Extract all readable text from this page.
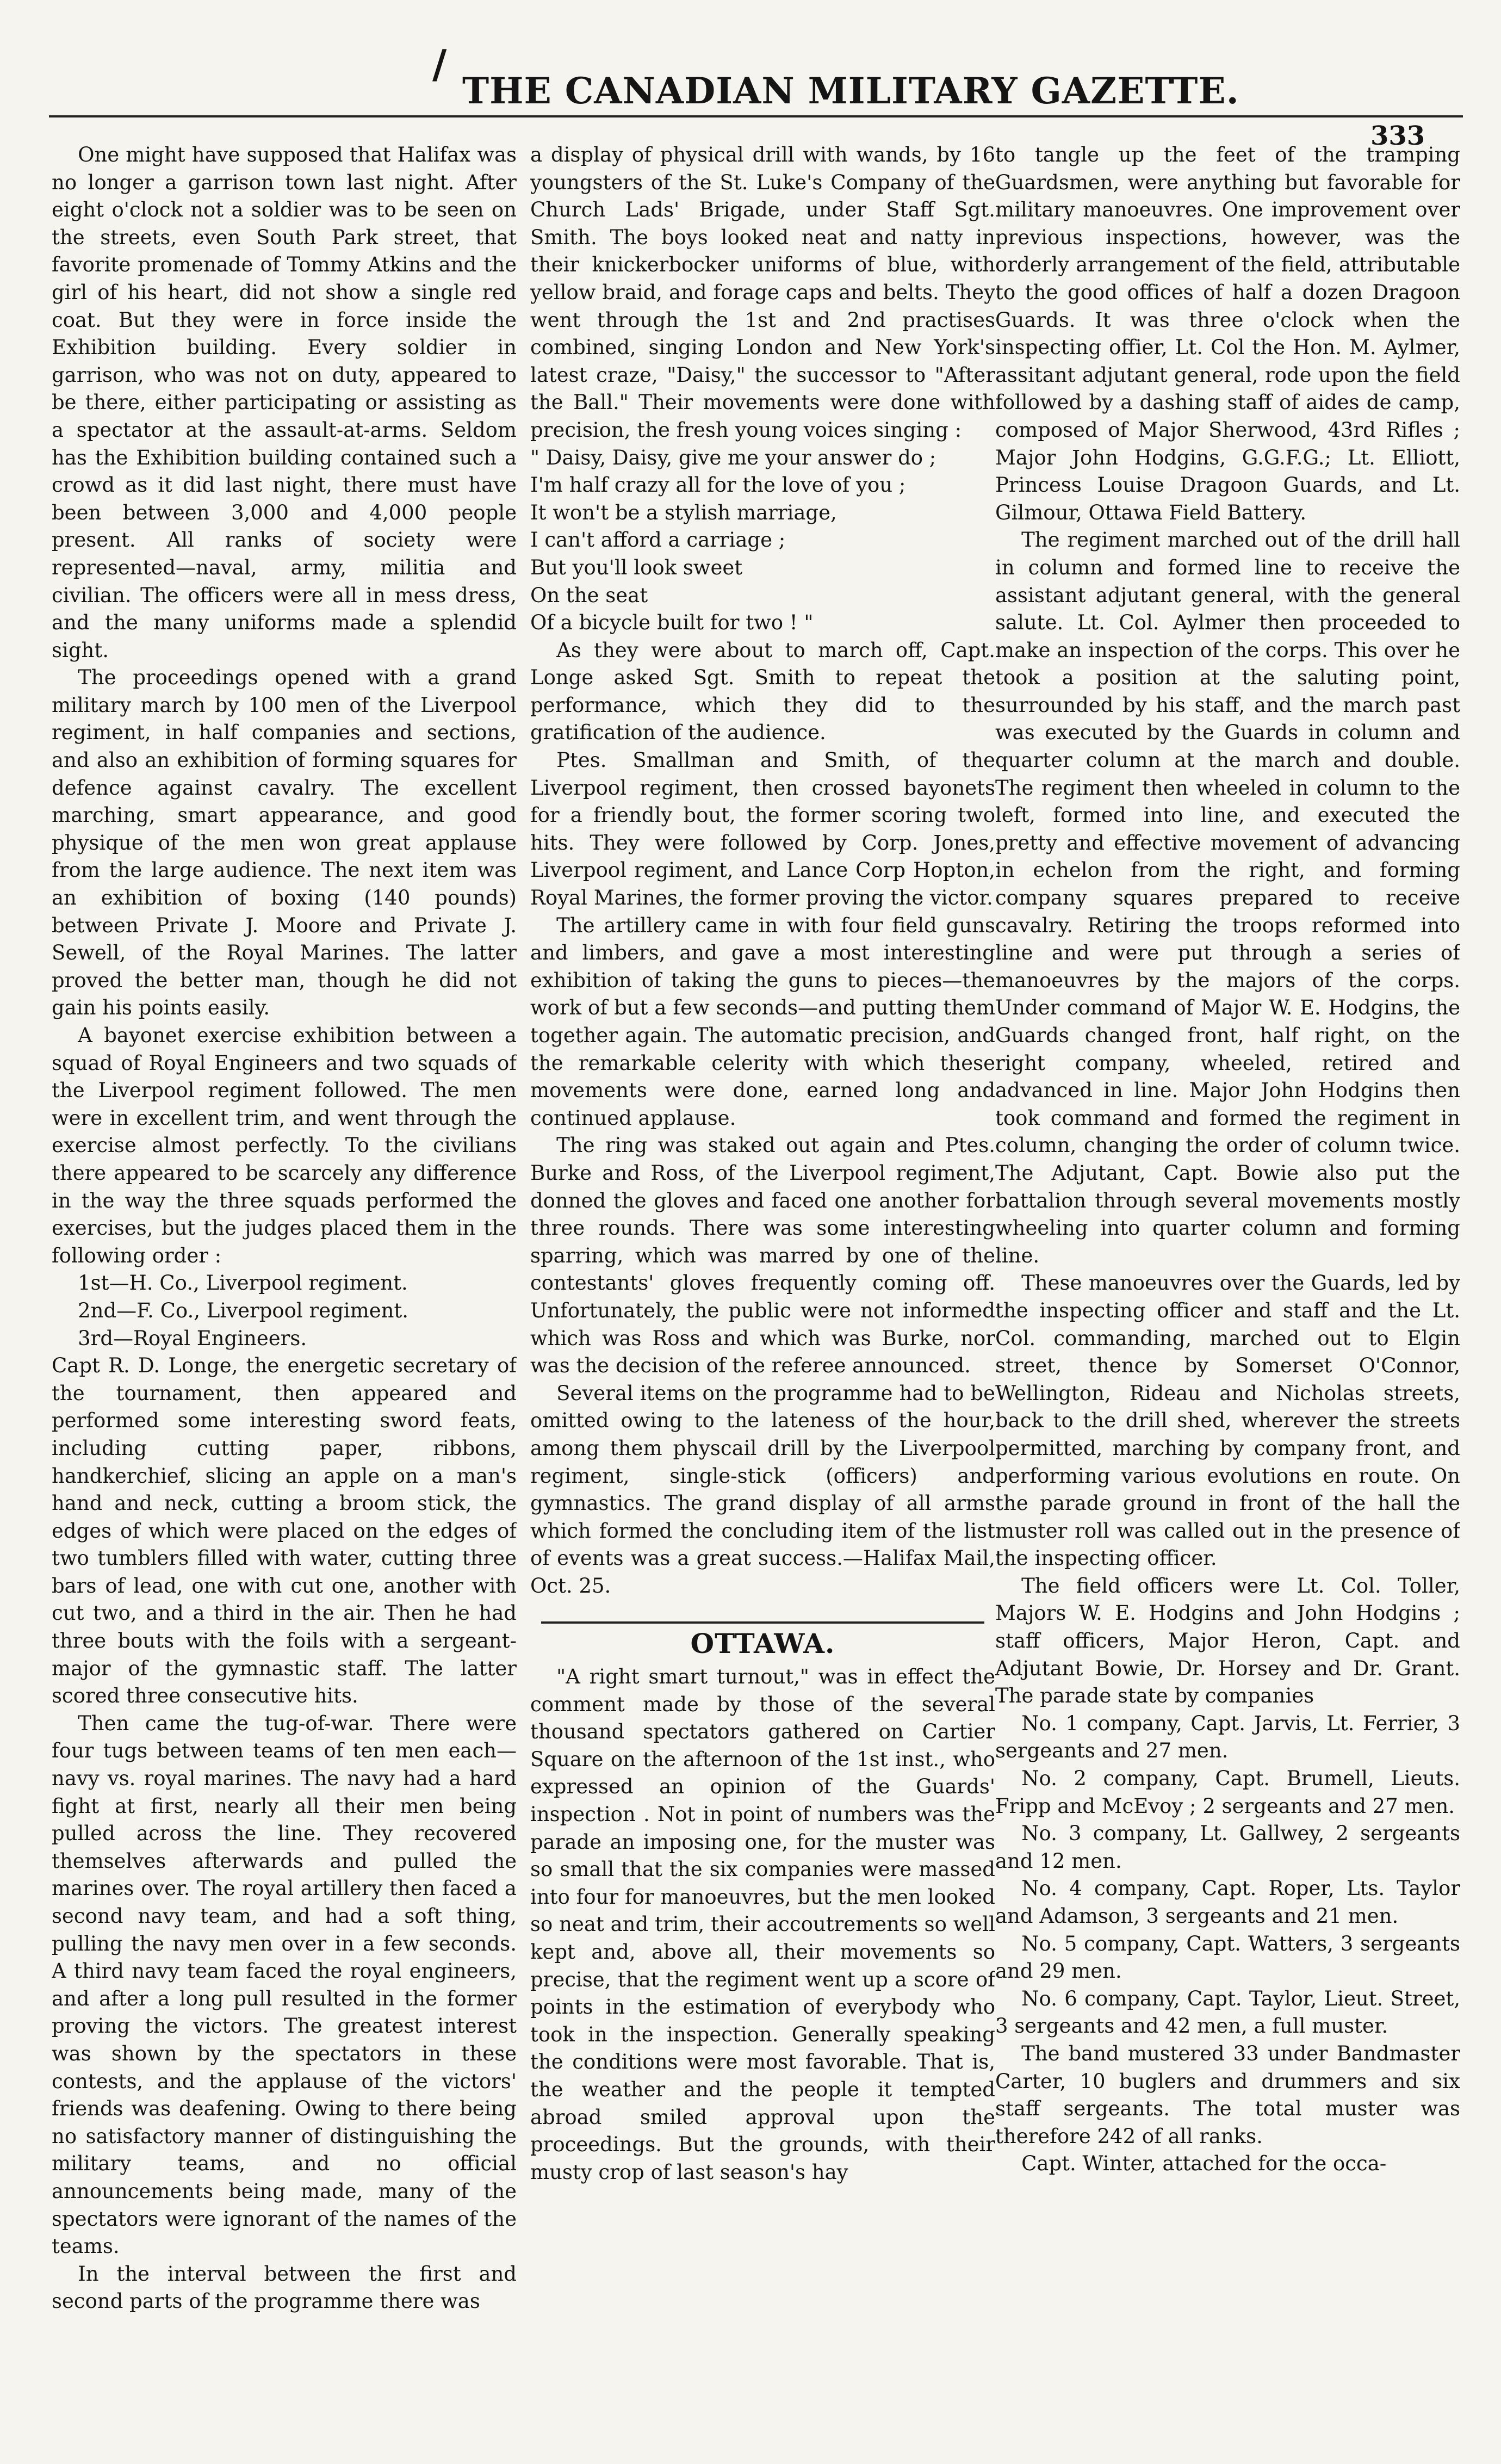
/
THE CANADIAN MILITARY GAZETTE.
333

One might have supposed that Halifax was no longer a garrison town last night. After eight o'clock not a soldier was to be seen on the streets, even South Park street, that favorite promenade of Tommy Atkins and the girl of his heart, did not show a single red coat. But they were in force inside the Exhibition building. Every soldier in garrison, who was not on duty, appeared to be there, either participating or assisting as a spectator at the assault-at-arms. Seldom has the Exhibition building contained such a crowd as it did last night, there must have been between 3,000 and 4,000 people present. All ranks of society were represented—naval, army, militia and civilian. The officers were all in mess dress, and the many uniforms made a splendid sight.

The proceedings opened with a grand military march by 100 men of the Liverpool regiment, in half companies and sections, and also an exhibition of forming squares for defence against cavalry. The excellent marching, smart appearance, and good physique of the men won great applause from the large audience. The next item was an exhibition of boxing (140 pounds) between Private J. Moore and Private J. Sewell, of the Royal Marines. The latter proved the better man, though he did not gain his points easily.

A bayonet exercise exhibition between a squad of Royal Engineers and two squads of the Liverpool regiment followed. The men were in excellent trim, and went through the exercise almost perfectly. To the civilians there appeared to be scarcely any difference in the way the three squads performed the exercises, but the judges placed them in the following order :

1st—H. Co., Liverpool regiment.

2nd—F. Co., Liverpool regiment.

3rd—Royal Engineers.

Capt R. D. Longe, the energetic secretary of the tournament, then appeared and performed some interesting sword feats, including cutting paper, ribbons, handkerchief, slicing an apple on a man's hand and neck, cutting a broom stick, the edges of which were placed on the edges of two tumblers filled with water, cutting three bars of lead, one with cut one, another with cut two, and a third in the air. Then he had three bouts with the foils with a sergeant-major of the gymnastic staff. The latter scored three consecutive hits.

Then came the tug-of-war. There were four tugs between teams of ten men each—navy vs. royal marines. The navy had a hard fight at first, nearly all their men being pulled across the line. They recovered themselves afterwards and pulled the marines over. The royal artillery then faced a second navy team, and had a soft thing, pulling the navy men over in a few seconds. A third navy team faced the royal engineers, and after a long pull resulted in the former proving the victors. The greatest interest was shown by the spectators in these contests, and the applause of the victors' friends was deafening. Owing to there being no satisfactory manner of distinguishing the military teams, and no official announcements being made, many of the spectators were ignorant of the names of the teams.

In the interval between the first and second parts of the programme there was

a display of physical drill with wands, by 16 youngsters of the St. Luke's Company of the Church Lads' Brigade, under Staff Sgt. Smith. The boys looked neat and natty in their knickerbocker uniforms of blue, with yellow braid, and forage caps and belts. They went through the 1st and 2nd practises combined, singing London and New York's latest craze, "Daisy," the successor to "After the Ball." Their movements were done with precision, the fresh young voices singing :

" Daisy, Daisy, give me your answer do ;

I'm half crazy all for the love of you ;

It won't be a stylish marriage,

I can't afford a carriage ;

But you'll look sweet

On the seat

Of a bicycle built for two ! "

As they were about to march off, Capt. Longe asked Sgt. Smith to repeat the performance, which they did to the gratification of the audience.

Ptes. Smallman and Smith, of the Liverpool regiment, then crossed bayonets for a friendly bout, the former scoring two hits. They were followed by Corp. Jones, Liverpool regiment, and Lance Corp Hopton, Royal Marines, the former proving the victor.

The artillery came in with four field guns and limbers, and gave a most interesting exhibition of taking the guns to pieces—the work of but a few seconds—and putting them together again. The automatic precision, and the remarkable celerity with which these movements were done, earned long and continued applause.

The ring was staked out again and Ptes. Burke and Ross, of the Liverpool regiment, donned the gloves and faced one another for three rounds. There was some interesting sparring, which was marred by one of the contestants' gloves frequently coming off. Unfortunately, the public were not informed which was Ross and which was Burke, nor was the decision of the referee announced.

Several items on the programme had to be omitted owing to the lateness of the hour, among them physcail drill by the Liverpool regiment, single-stick (officers) and gymnastics. The grand display of all arms which formed the concluding item of the list of events was a great success.—Halifax Mail, Oct. 25.

OTTAWA.

"A right smart turnout," was in effect the comment made by those of the several thousand spectators gathered on Cartier Square on the afternoon of the 1st inst., who expressed an opinion of the Guards' inspection . Not in point of numbers was the parade an imposing one, for the muster was so small that the six companies were massed into four for manoeuvres, but the men looked so neat and trim, their accoutrements so well kept and, above all, their movements so precise, that the regiment went up a score of points in the estimation of everybody who took in the inspection. Generally speaking the conditions were most favorable. That is, the weather and the people it tempted abroad smiled approval upon the proceedings. But the grounds, with their musty crop of last season's hay

to tangle up the feet of the tramping Guardsmen, were anything but favorable for military manoeuvres. One improvement over previous inspections, however, was the orderly arrangement of the field, attributable to the good offices of half a dozen Dragoon Guards. It was three o'clock when the inspecting offier, Lt. Col the Hon. M. Aylmer, assitant adjutant general, rode upon the field followed by a dashing staff of aides de camp, composed of Major Sherwood, 43rd Rifles ; Major John Hodgins, G.G.F.G.; Lt. Elliott, Princess Louise Dragoon Guards, and Lt. Gilmour, Ottawa Field Battery.

The regiment marched out of the drill hall in column and formed line to receive the assistant adjutant general, with the general salute. Lt. Col. Aylmer then proceeded to make an inspection of the corps. This over he took a position at the saluting point, surrounded by his staff, and the march past was executed by the Guards in column and quarter column at the march and double. The regiment then wheeled in column to the left, formed into line, and executed the pretty and effective movement of advancing in echelon from the right, and forming company squares prepared to receive cavalry. Retiring the troops reformed into line and were put through a series of manoeuvres by the majors of the corps. Under command of Major W. E. Hodgins, the Guards changed front, half right, on the right company, wheeled, retired and advanced in line. Major John Hodgins then took command and formed the regiment in column, changing the order of column twice. The Adjutant, Capt. Bowie also put the battalion through several movements mostly wheeling into quarter column and forming line.

These manoeuvres over the Guards, led by the inspecting officer and staff and the Lt. Col. commanding, marched out to Elgin street, thence by Somerset O'Connor, Wellington, Rideau and Nicholas streets, back to the drill shed, wherever the streets permitted, marching by company front, and performing various evolutions en route. On the parade ground in front of the hall the muster roll was called out in the presence of the inspecting officer.

The field officers were Lt. Col. Toller, Majors W. E. Hodgins and John Hodgins ; staff officers, Major Heron, Capt. and Adjutant Bowie, Dr. Horsey and Dr. Grant. The parade state by companies

No. 1 company, Capt. Jarvis, Lt. Ferrier, 3 sergeants and 27 men.

No. 2 company, Capt. Brumell, Lieuts. Fripp and McEvoy ; 2 sergeants and 27 men.

No. 3 company, Lt. Gallwey, 2 sergeants and 12 men.

No. 4 company, Capt. Roper, Lts. Taylor and Adamson, 3 sergeants and 21 men.

No. 5 company, Capt. Watters, 3 sergeants and 29 men.

No. 6 company, Capt. Taylor, Lieut. Street, 3 sergeants and 42 men, a full muster.

The band mustered 33 under Bandmaster Carter, 10 buglers and drummers and six staff sergeants. The total muster was therefore 242 of all ranks.

Capt. Winter, attached for the occa-
